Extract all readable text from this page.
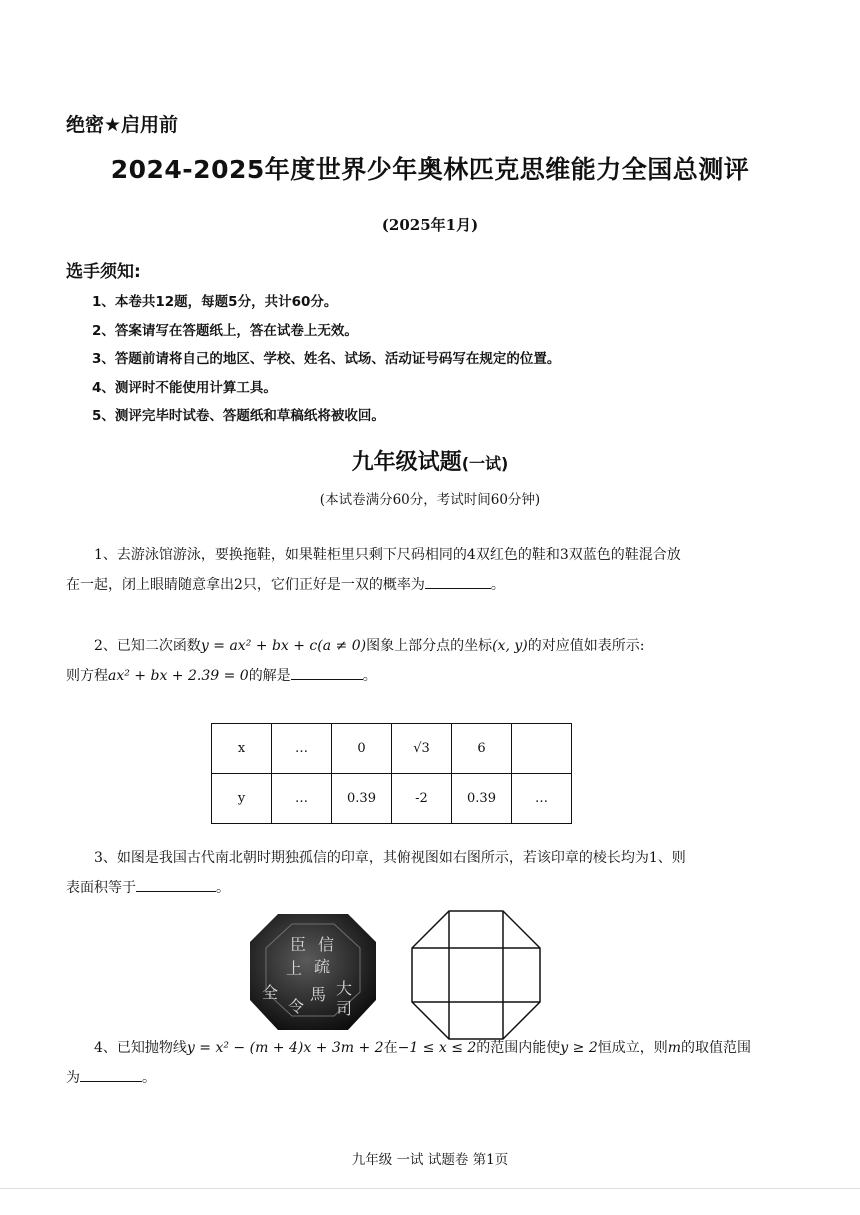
绝密★启用前
2024-2025年度世界少年奥林匹克思维能力全国总测评
(2025年1月)
选手须知:
1、本卷共12题，每题5分，共计60分。
2、答案请写在答题纸上，答在试卷上无效。
3、答题前请将自己的地区、学校、姓名、试场、活动证号码写在规定的位置。
4、测评时不能使用计算工具。
5、测评完毕时试卷、答题纸和草稿纸将被收回。
九年级试题(一试)
(本试卷满分60分，考试时间60分钟)

1、去游泳馆游泳，要换拖鞋，如果鞋柜里只剩下尺码相同的4双红色的鞋和3双蓝色的鞋混合放

在一起，闭上眼睛随意拿出2只，它们正好是一双的概率为	。

2、已知二次函数y = ax² + bx + c(a ≠ 0)图象上部分点的坐标(x, y)的对应值如表所示:

则方程ax² + bx + 2.39 = 0的解是	。

x	…	0	√3	6	
y	…	0.39	-2	0.39	…

3、如图是我国古代南北朝时期独孤信的印章，其俯视图如右图所示，若该印章的棱长均为1、则

表面积等于	。

臣 信
上 疏
大
司
馬
令
全

4、已知抛物线y = x² − (m + 4)x + 3m + 2在−1 ≤ x ≤ 2的范围内能使y ≥ 2恒成立，则m的取值范围

为	。

九年级 一试 试题卷 第1页
